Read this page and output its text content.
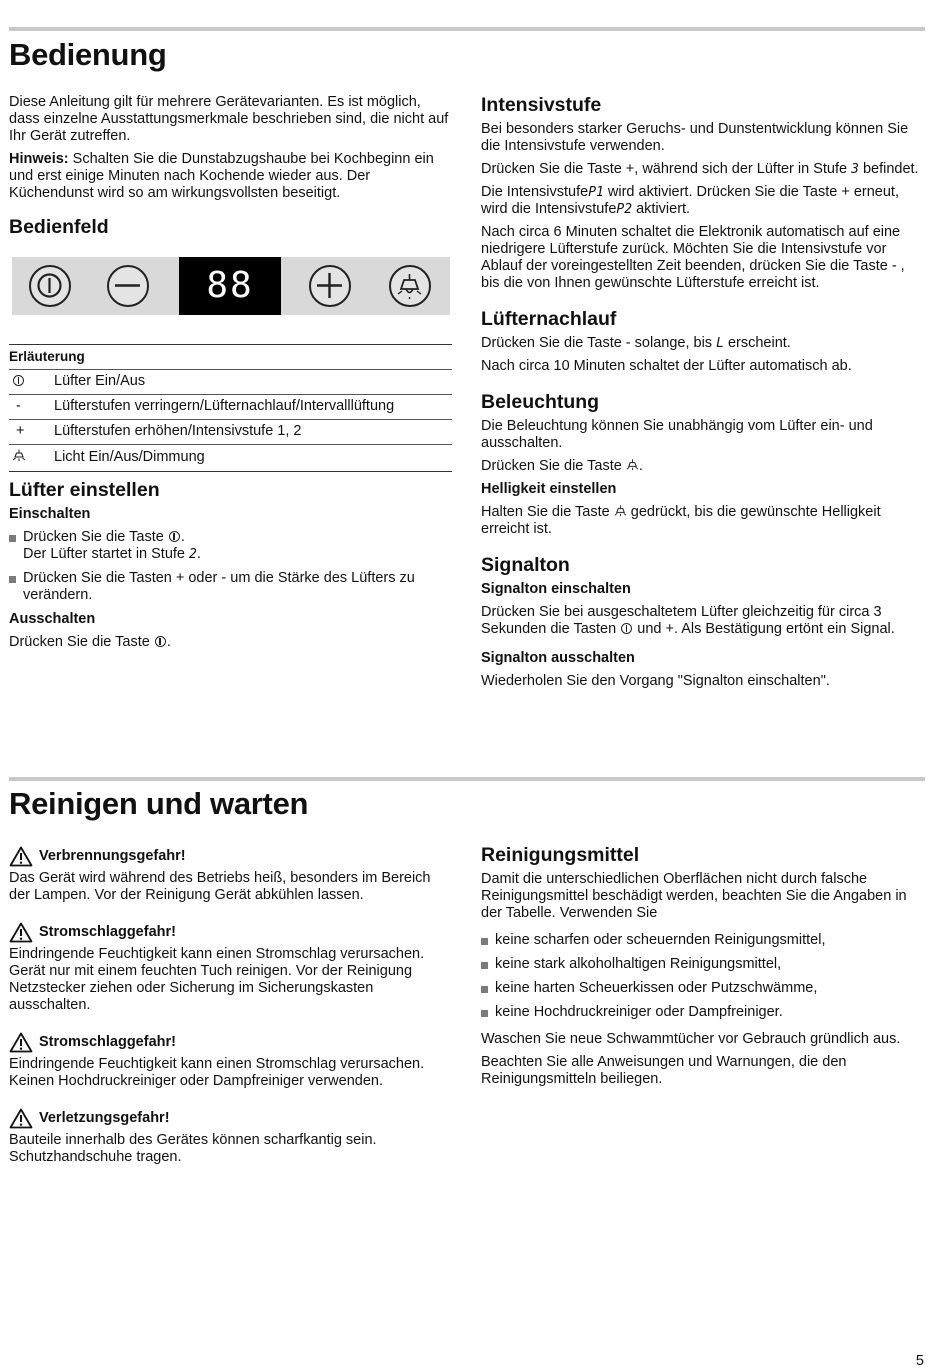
Bedienung

Diese Anleitung gilt für mehrere Gerätevarianten. Es ist möglich, dass einzelne Ausstattungsmerkmale beschrieben sind, die nicht auf Ihr Gerät zutreffen.

Hinweis: Schalten Sie die Dunstabzugshaube bei Kochbeginn ein und erst einige Minuten nach Kochende wieder aus. Der Küchendunst wird so am wirkungsvollsten beseitigt.

Bedienfeld
88
Erläuterung	
	Lüfter Ein/Aus
-	Lüfterstufen verringern/Lüfternachlauf/Intervalllüftung
+	Lüfterstufen erhöhen/Intensivstufe 1, 2
	Licht Ein/Aus/Dimmung
Lüfter einstellen
Einschalten
Drücken Sie die Taste .
Der Lüfter startet in Stufe 2.
Drücken Sie die Tasten + oder - um die Stärke des Lüfters zu verändern.
Ausschalten

Drücken Sie die Taste .

Intensivstufe

Bei besonders starker Geruchs- und Dunstentwicklung können Sie die Intensivstufe verwenden.

Drücken Sie die Taste +, während sich der Lüfter in Stufe 3 befindet.

Die IntensivstufeP1 wird aktiviert. Drücken Sie die Taste + erneut, wird die IntensivstufeP2 aktiviert.

Nach circa 6 Minuten schaltet die Elektronik automatisch auf eine niedrigere Lüfterstufe zurück. Möchten Sie die Intensivstufe vor Ablauf der voreingestellten Zeit beenden, drücken Sie die Taste - , bis die von Ihnen gewünschte Lüfterstufe erreicht ist.

Lüfternachlauf

Drücken Sie die Taste - solange, bis L erscheint.

Nach circa 10 Minuten schaltet der Lüfter automatisch ab.

Beleuchtung

Die Beleuchtung können Sie unabhängig vom Lüfter ein- und ausschalten.

Drücken Sie die Taste .

Helligkeit einstellen

Halten Sie die Taste gedrückt, bis die gewünschte Helligkeit erreicht ist.

Signalton
Signalton einschalten

Drücken Sie bei ausgeschaltetem Lüfter gleichzeitig für circa 3 Sekunden die Tasten und +. Als Bestätigung ertönt ein Signal.

Signalton ausschalten

Wiederholen Sie den Vorgang "Signalton einschalten".

Reinigen und warten
Verbrennungsgefahr!
Das Gerät wird während des Betriebs heiß, besonders im Bereich der Lampen. Vor der Reinigung Gerät abkühlen lassen.
Stromschlaggefahr!
Eindringende Feuchtigkeit kann einen Stromschlag verursachen. Gerät nur mit einem feuchten Tuch reinigen. Vor der Reinigung Netzstecker ziehen oder Sicherung im Sicherungskasten ausschalten.
Stromschlaggefahr!
Eindringende Feuchtigkeit kann einen Stromschlag verursachen. Keinen Hochdruckreiniger oder Dampfreiniger verwenden.
Verletzungsgefahr!
Bauteile innerhalb des Gerätes können scharfkantig sein. Schutzhandschuhe tragen.
Reinigungsmittel

Damit die unterschiedlichen Oberflächen nicht durch falsche Reinigungsmittel beschädigt werden, beachten Sie die Angaben in der Tabelle. Verwenden Sie

keine scharfen oder scheuernden Reinigungsmittel,
keine stark alkoholhaltigen Reinigungsmittel,
keine harten Scheuerkissen oder Putzschwämme,
keine Hochdruckreiniger oder Dampfreiniger.

Waschen Sie neue Schwammtücher vor Gebrauch gründlich aus.

Beachten Sie alle Anweisungen und Warnungen, die den Reinigungsmitteln beiliegen.

5
